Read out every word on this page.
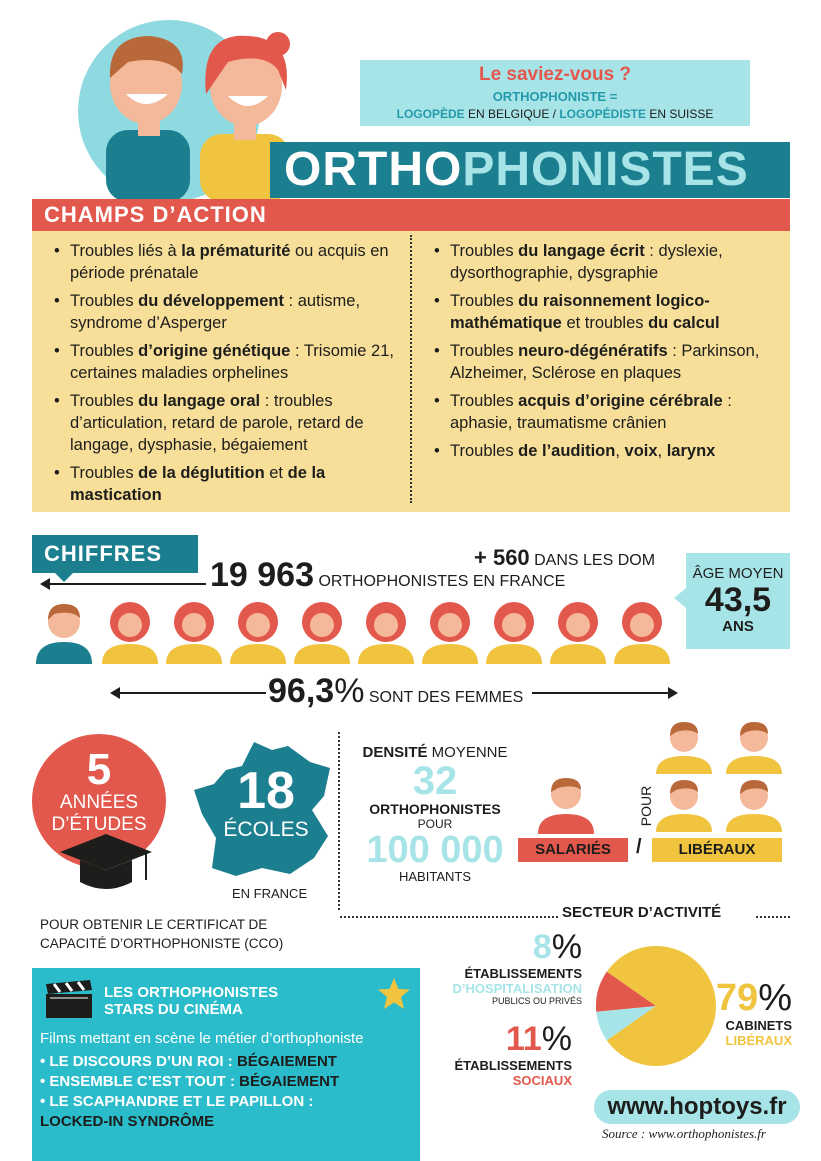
Le saviez-vous ?
ORTHOPHONISTE =
LOGOPÈDE EN BELGIQUE / LOGOPÉDISTE EN SUISSE
ORTHOPHONISTES
CHAMPS D’ACTION
• Troubles liés à la prématurité ou acquis en période prénatale
• Troubles du développement : autisme, syndrome d’Asperger
• Troubles d’origine génétique : Trisomie 21, certaines maladies orphelines
• Troubles du langage oral : troubles d’articulation, retard de parole, retard de langage, dysphasie, bégaiement
• Troubles de la déglutition et de la mastication
• Troubles du langage écrit : dyslexie, dysorthographie, dysgraphie
• Troubles du raisonnement logico-mathématique et troubles du calcul
• Troubles neuro-dégénératifs : Parkinson, Alzheimer, Sclérose en plaques
• Troubles acquis d’origine cérébrale : aphasie, traumatisme crânien
• Troubles de l’audition, voix, larynx
CHIFFRES	+ 560 DANS LES DOM
19 963 ORTHOPHONISTES EN FRANCE	ÂGE MOYEN
43,5
ANS
96,3% SONT DES FEMMES
5
ANNÉES
D’ÉTUDES
POUR OBTENIR LE CERTIFICAT DE
CAPACITÉ D’ORTHOPHONISTE (CCO)
18
ÉCOLES
EN FRANCE
DENSITÉ MOYENNE
32
ORTHOPHONISTES
POUR
100 000
HABITANTS
POUR
SALARIÉS	/	LIBÉRAUX
SECTEUR D’ACTIVITÉ
8%
ÉTABLISSEMENTS
D’HOSPITALISATION
PUBLICS OU PRIVÉS
11%
ÉTABLISSEMENTS
SOCIAUX
79%
CABINETS
LIBÉRAUX
LES ORTHOPHONISTES
STARS DU CINÉMA
Films mettant en scène le métier d’orthophoniste
• LE DISCOURS D’UN ROI : BÉGAIEMENT
• ENSEMBLE C’EST TOUT : BÉGAIEMENT
• LE SCAPHANDRE ET LE PAPILLON :
LOCKED-IN SYNDRÔME
www.hoptoys.fr
Source : www.orthophonistes.fr
